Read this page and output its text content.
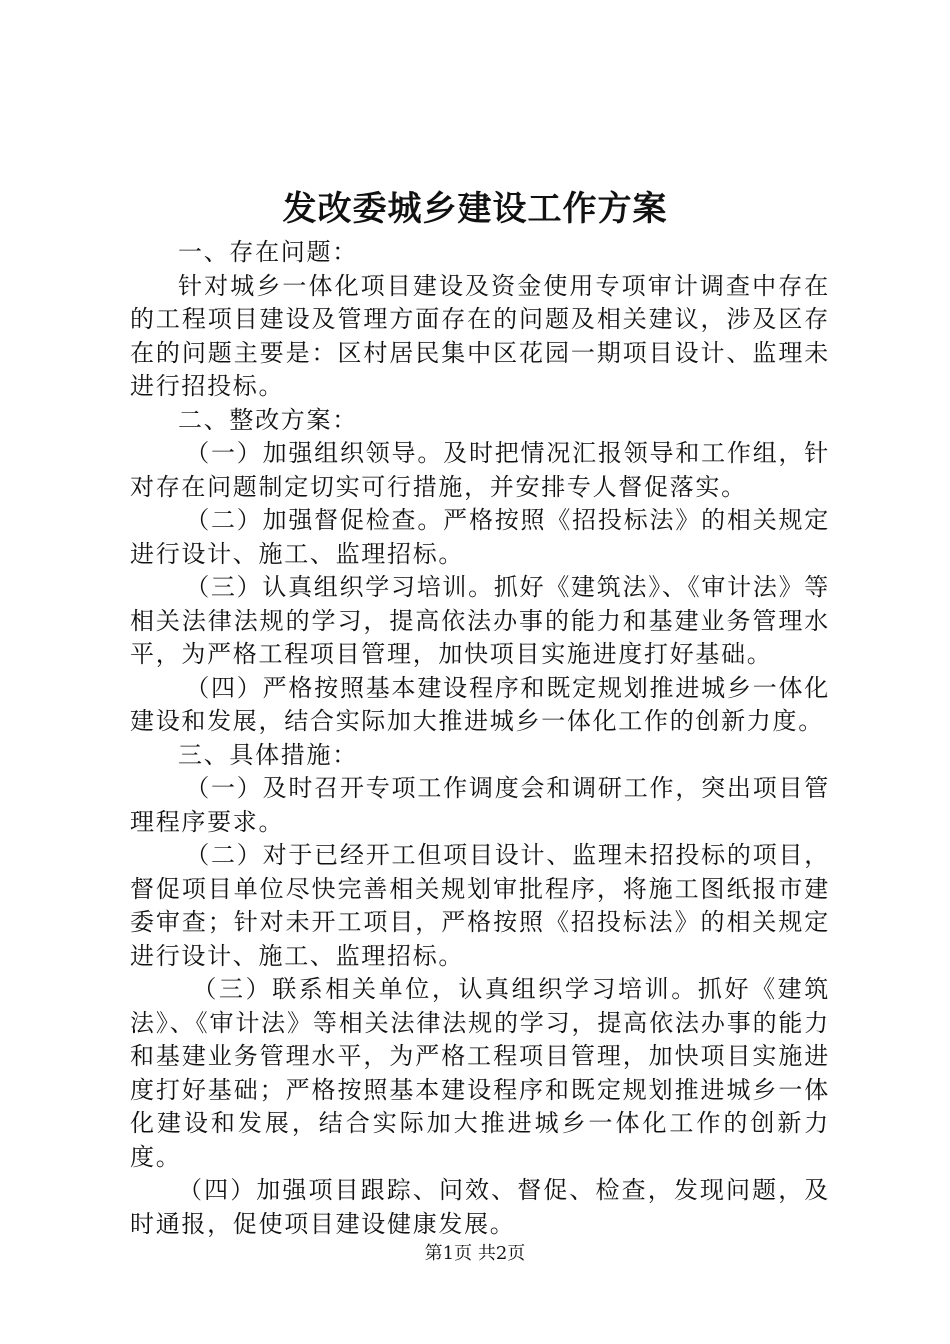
发改委城乡建设工作方案

一、存在问题：

针对城乡一体化项目建设及资金使用专项审计调查中存在的工程项目建设及管理方面存在的问题及相关建议，涉及区存在的问题主要是：区村居民集中区花园一期项目设计、监理未进行招投标。

二、整改方案：

（一）加强组织领导。及时把情况汇报领导和工作组，针对存在问题制定切实可行措施，并安排专人督促落实。

（二）加强督促检查。严格按照《招投标法》的相关规定进行设计、施工、监理招标。

（三）认真组织学习培训。抓好《建筑法》、《审计法》等相关法律法规的学习，提高依法办事的能力和基建业务管理水平，为严格工程项目管理，加快项目实施进度打好基础。

（四）严格按照基本建设程序和既定规划推进城乡一体化建设和发展，结合实际加大推进城乡一体化工作的创新力度。

三、具体措施：

（一）及时召开专项工作调度会和调研工作，突出项目管理程序要求。

（二）对于已经开工但项目设计、监理未招投标的项目，督促项目单位尽快完善相关规划审批程序，将施工图纸报市建委审查；针对未开工项目，严格按照《招投标法》的相关规定进行设计、施工、监理招标。

（三）联系相关单位，认真组织学习培训。抓好《建筑法》、《审计法》等相关法律法规的学习，提高依法办事的能力和基建业务管理水平，为严格工程项目管理，加快项目实施进度打好基础；严格按照基本建设程序和既定规划推进城乡一体化建设和发展，结合实际加大推进城乡一体化工作的创新力度。

（四）加强项目跟踪、问效、督促、检查，发现问题，及时通报，促使项目建设健康发展。

第1页 共2页
